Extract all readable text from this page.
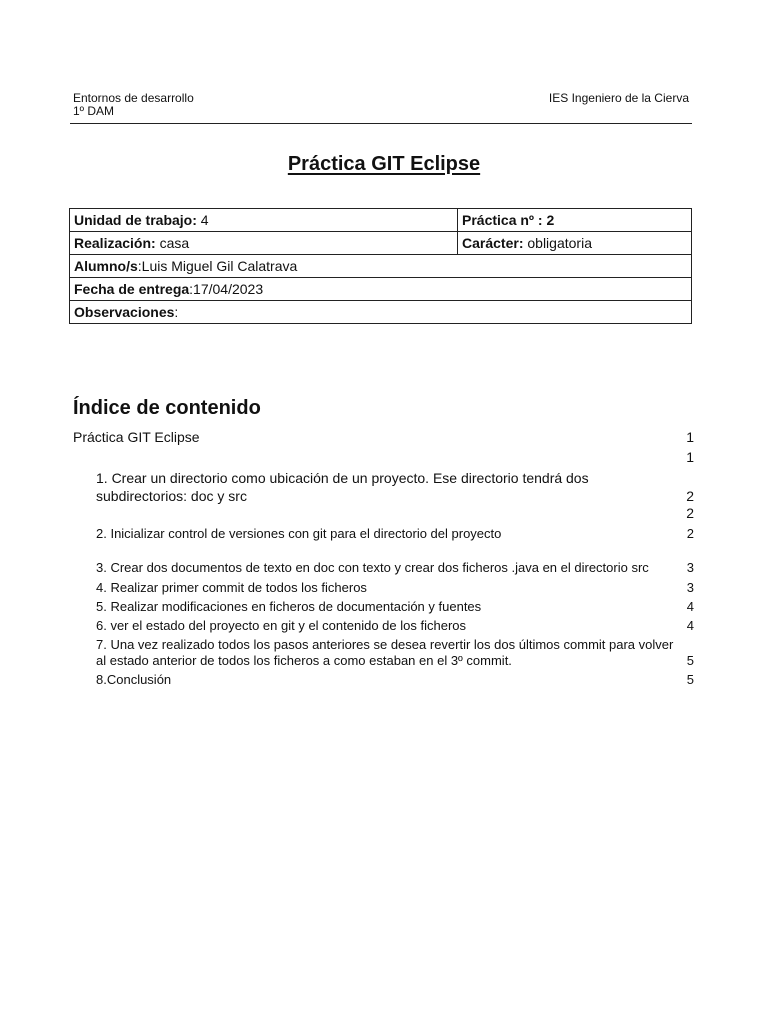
Entornos de desarrollo
1º DAM
IES Ingeniero de la Cierva
Práctica GIT Eclipse
Unidad de trabajo: 4	Práctica nº : 2
Realización: casa	Carácter: obligatoria
Alumno/s:Luis Miguel Gil Calatrava	
Fecha de entrega:17/04/2023	
Observaciones:	
Índice de contenido
Práctica GIT Eclipse	1
1
1. Crear un directorio como ubicación de un proyecto. Ese directorio tendrá dos subdirectorios: doc y src	2
2
2. Inicializar control de versiones con git para el directorio del proyecto	2
3. Crear dos documentos de texto en doc con texto y crear dos ficheros .java en el directorio src	3
4. Realizar primer commit de todos los ficheros	3
5. Realizar modificaciones en ficheros de documentación y fuentes	4
6. ver el estado del proyecto en git y el contenido de los ficheros	4
7. Una vez realizado todos los pasos anteriores se desea revertir los dos últimos commit para volver al estado anterior de todos los ficheros a como estaban en el 3º commit.	5
8.Conclusión	5
